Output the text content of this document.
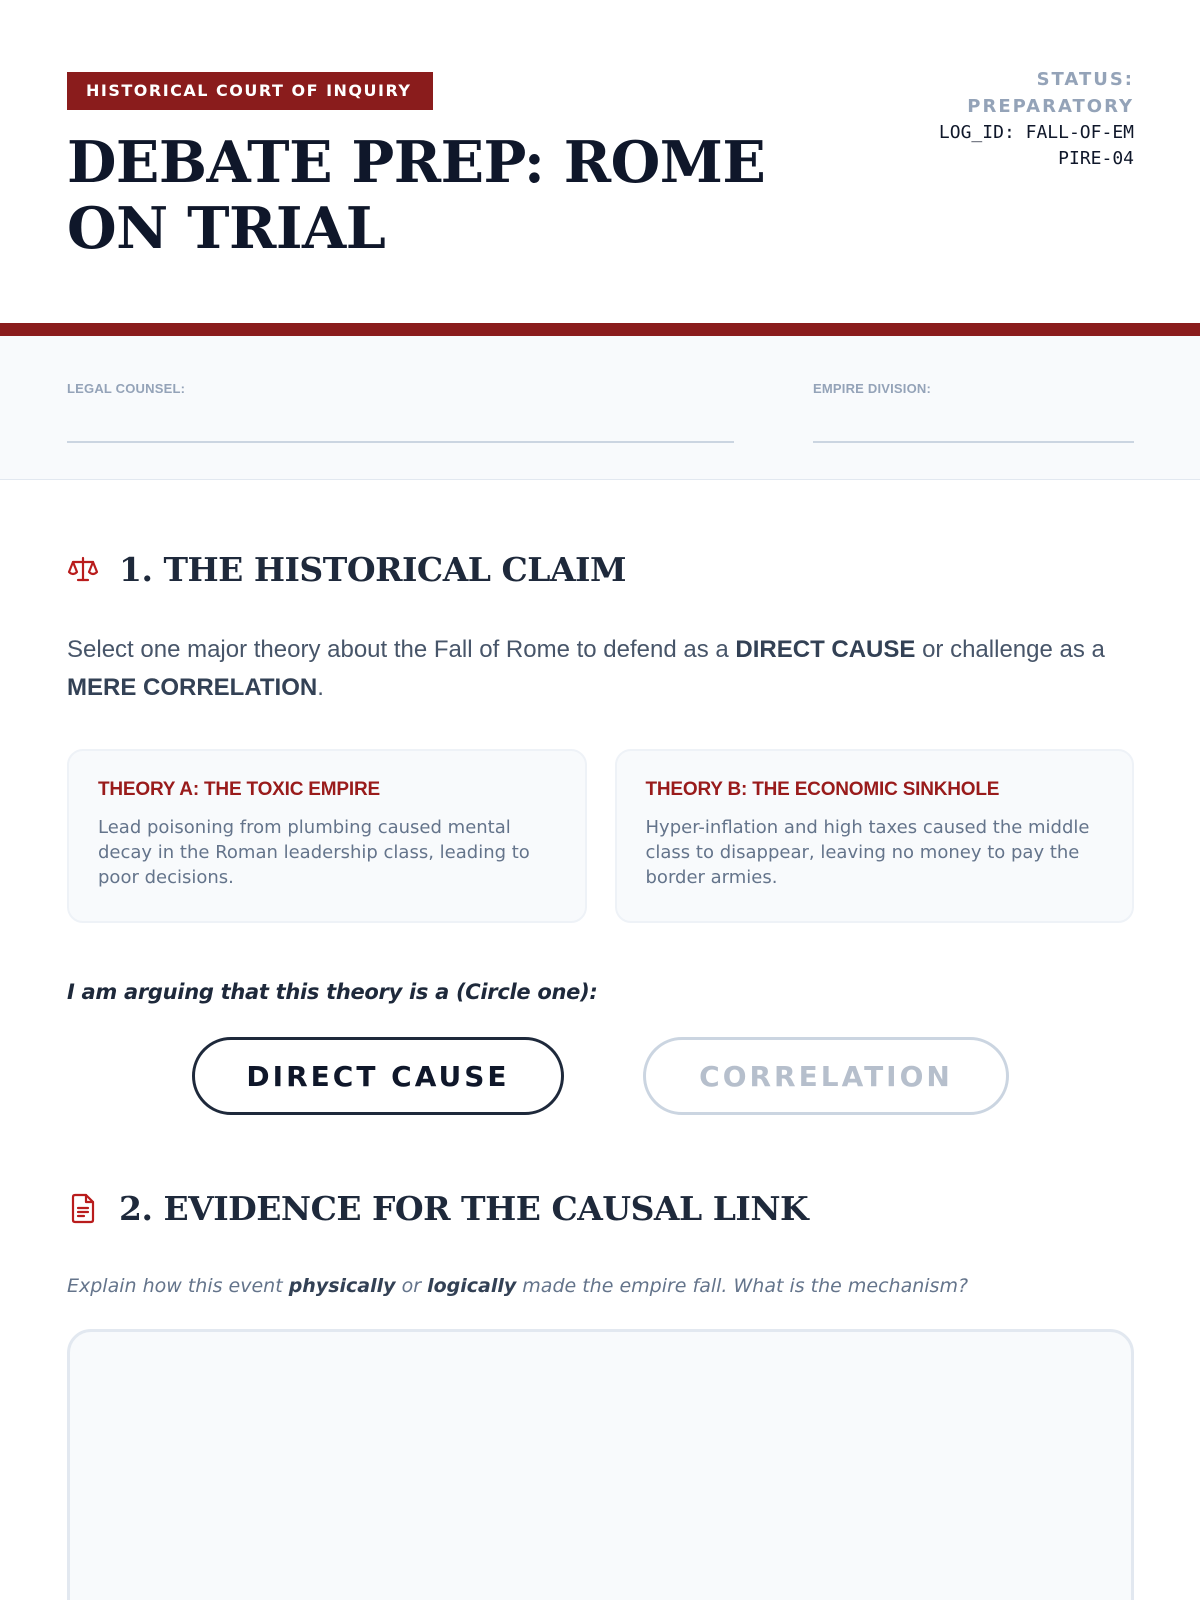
HISTORICAL COURT OF INQUIRY
DEBATE PREP: ROME ON TRIAL
STATUS: PREPARATORY
LOG_ID: FALL-OF-EMPIRE-04
LEGAL COUNSEL:	EMPIRE DIVISION:
1. THE HISTORICAL CLAIM

Select one major theory about the Fall of Rome to defend as a DIRECT CAUSE or challenge as a MERE CORRELATION.

THEORY A: THE TOXIC EMPIRE
Lead poisoning from plumbing caused mental decay in the Roman leadership class, leading to poor decisions.
THEORY B: THE ECONOMIC SINKHOLE
Hyper-inflation and high taxes caused the middle class to disappear, leaving no money to pay the border armies.

I am arguing that this theory is a (Circle one):

DIRECT CAUSE	CORRELATION
2. EVIDENCE FOR THE CAUSAL LINK

Explain how this event physically or logically made the empire fall. What is the mechanism?
